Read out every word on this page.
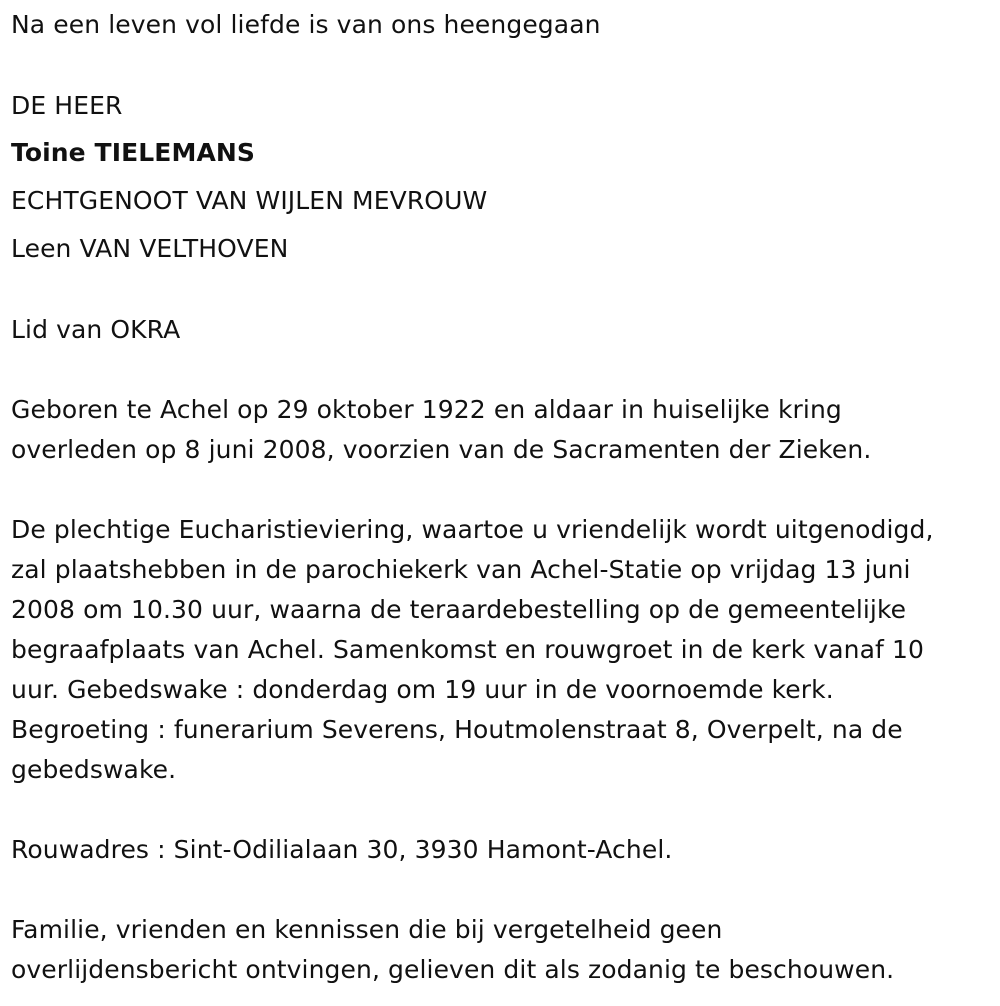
Na een leven vol liefde is van ons heengegaan
DE HEER
Toine TIELEMANS
ECHTGENOOT VAN WIJLEN MEVROUW
Leen VAN VELTHOVEN
Lid van OKRA
Geboren te Achel op 29 oktober 1922 en aldaar in huiselijke kring
overleden op 8 juni 2008, voorzien van de Sacramenten der Zieken.
De plechtige Eucharistieviering, waartoe u vriendelijk wordt uitgenodigd,
zal plaatshebben in de parochiekerk van Achel-Statie op vrijdag 13 juni
2008 om 10.30 uur, waarna de teraardebestelling op de gemeentelijke
begraafplaats van Achel. Samenkomst en rouwgroet in de kerk vanaf 10
uur. Gebedswake : donderdag om 19 uur in de voornoemde kerk.
Begroeting : funerarium Severens, Houtmolenstraat 8, Overpelt, na de
gebedswake.
Rouwadres : Sint-Odilialaan 30, 3930 Hamont-Achel.
Familie, vrienden en kennissen die bij vergetelheid geen
overlijdensbericht ontvingen, gelieven dit als zodanig te beschouwen.
